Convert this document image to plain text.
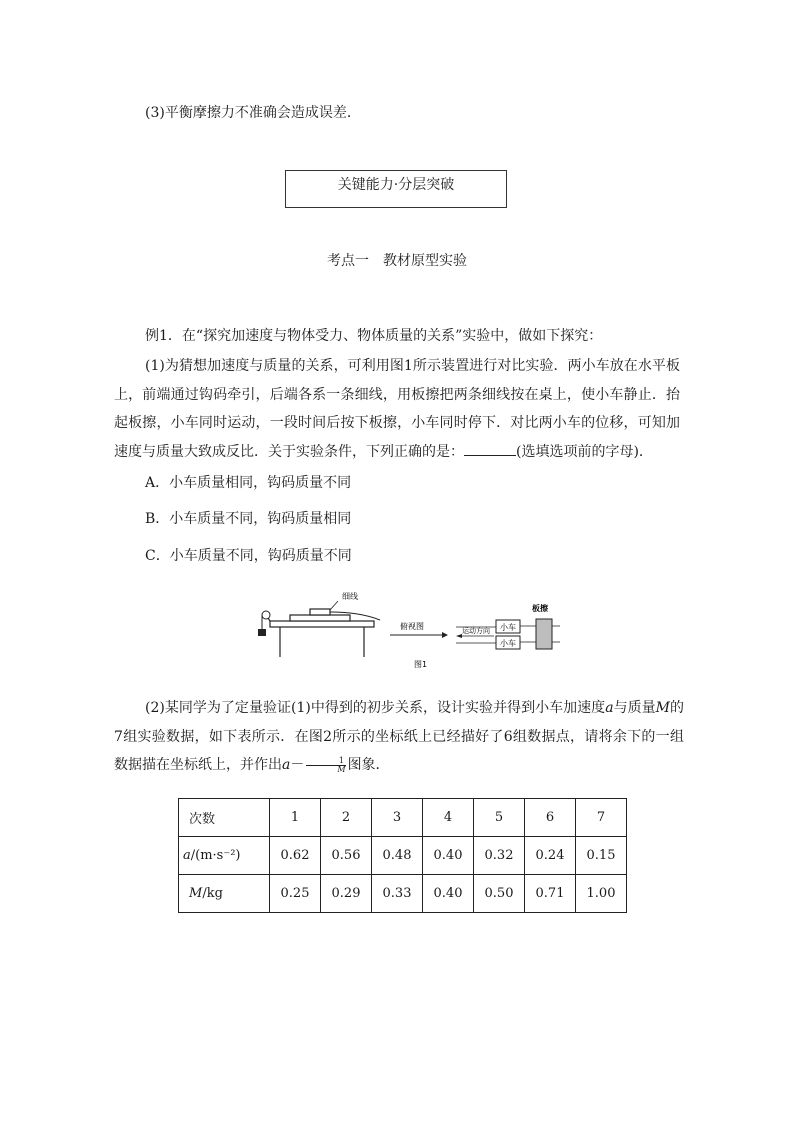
(3)平衡摩擦力不准确会造成误差．
关键能力·分层突破
考点一　教材原型实验
例1．在“探究加速度与物体受力、物体质量的关系”实验中，做如下探究：
(1)为猜想加速度与质量的关系，可利用图1所示装置进行对比实验．两小车放在水平板上，前端通过钩码牵引，后端各系一条细线，用板擦把两条细线按在桌上，使小车静止．抬起板擦，小车同时运动，一段时间后按下板擦，小车同时停下．对比两小车的位移，可知加速度与质量大致成反比．关于实验条件，下列正确的是：	(选填选项前的字母)．
A．小车质量相同，钩码质量不同
B．小车质量不同，钩码质量相同
C．小车质量不同，钩码质量不同
细线
俯视图	运动方向 小车
小车
板擦
图1
(2)某同学为了定量验证(1)中得到的初步关系，设计实验并得到小车加速度a与质量M的7组实验数据，如下表所示．在图2所示的坐标纸上已经描好了6组数据点，请将余下的一组数据描在坐标纸上，并作出$a- \frac{1}{M}$ 图象．
次数	1	2	3	4	5	6	7
a/(m·s⁻²)	0.62	0.56	0.48	0.40	0.32	0.24	0.15
M/kg	0.25	0.29	0.33	0.40	0.50	0.71	1.00
